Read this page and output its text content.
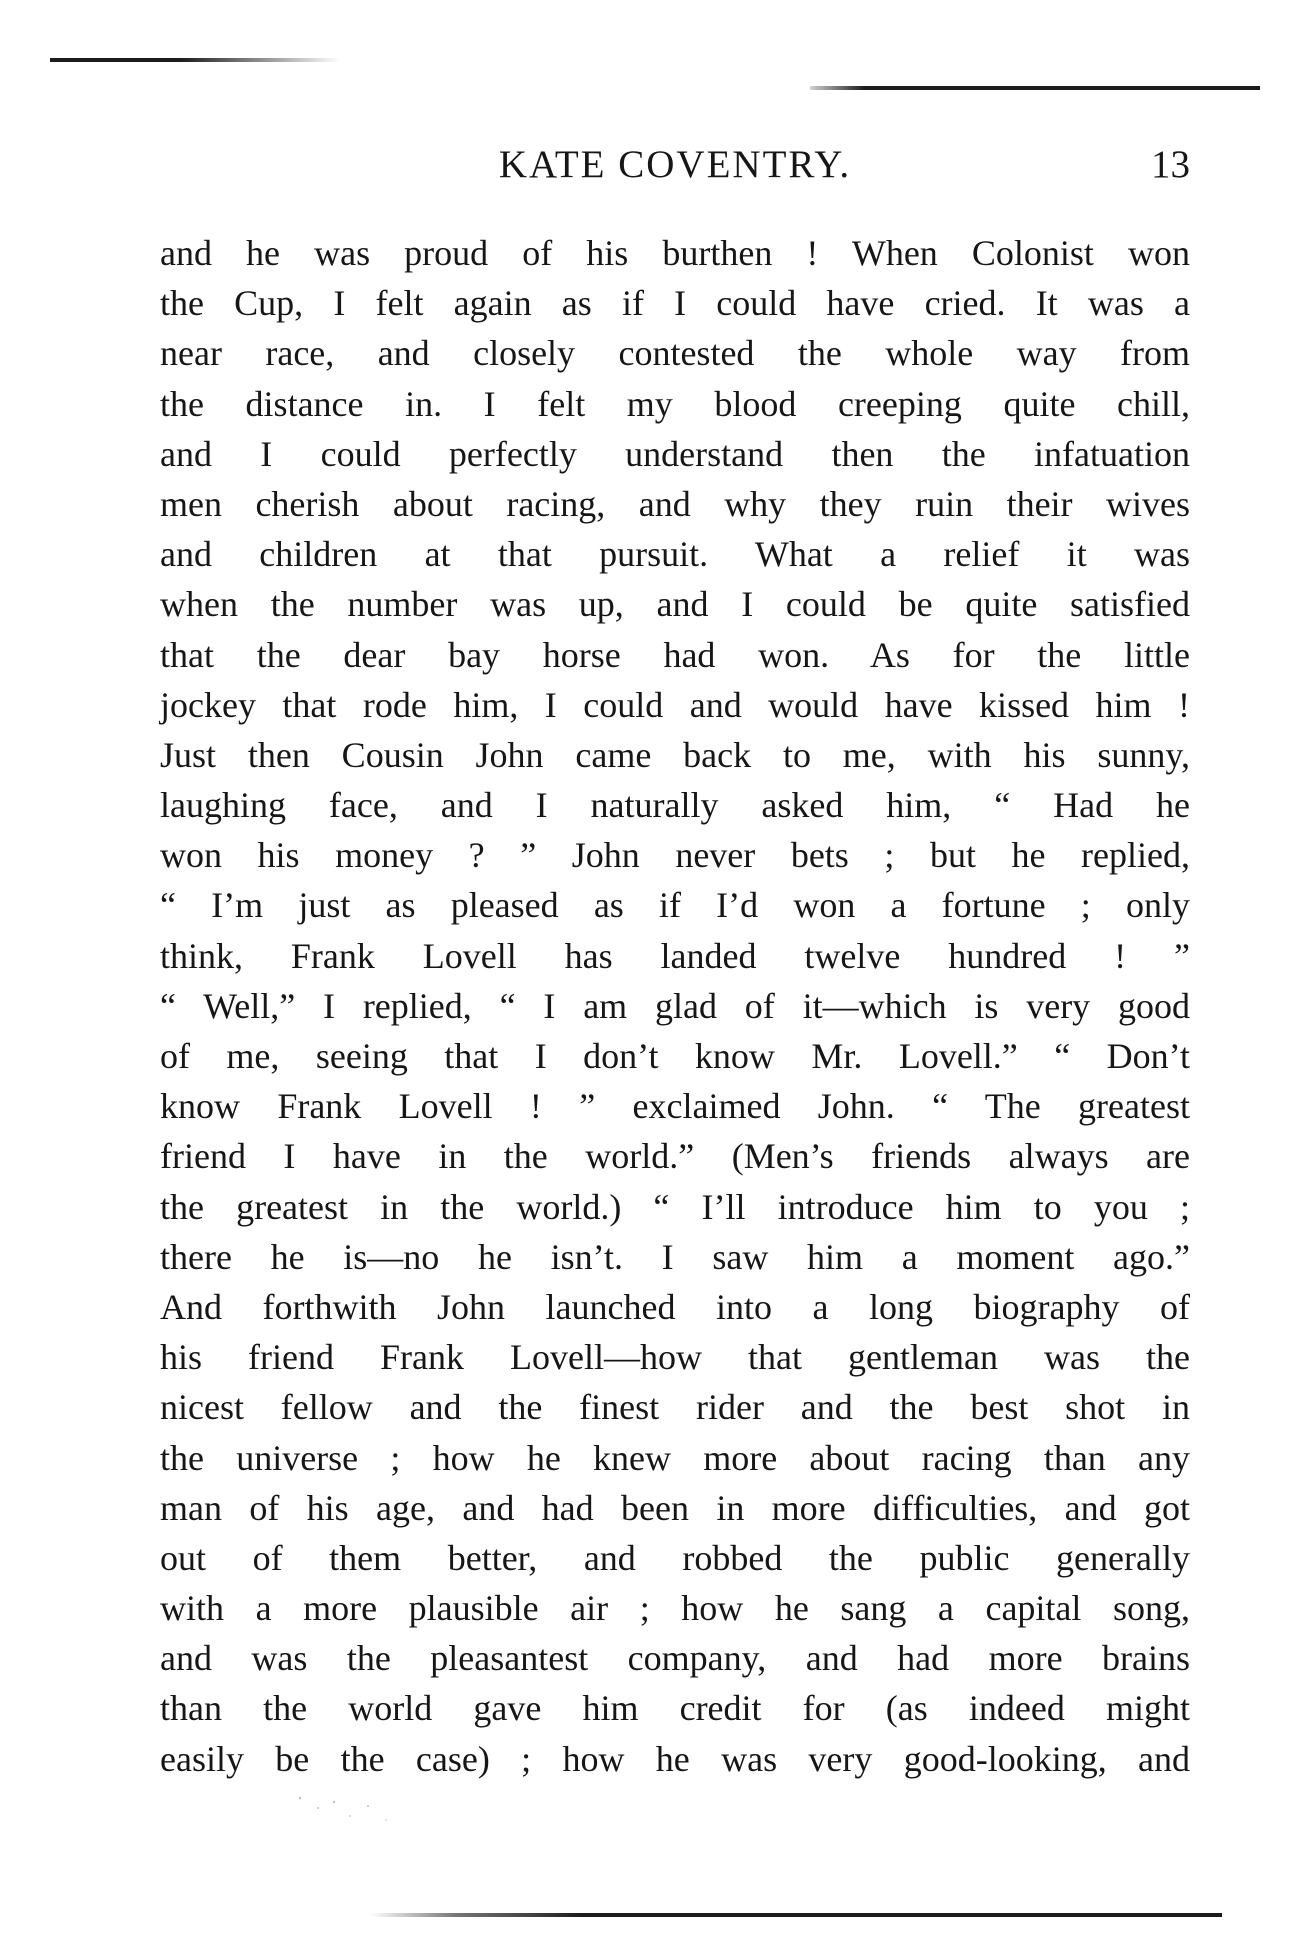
KATE COVENTRY.	13
and he was proud of his burthen ! When Colonist won
the Cup, I felt again as if I could have cried. It was a
near race, and closely contested the whole way from
the distance in. I felt my blood creeping quite chill,
and I could perfectly understand then the infatuation
men cherish about racing, and why they ruin their wives
and children at that pursuit. What a relief it was
when the number was up, and I could be quite satisfied
that the dear bay horse had won. As for the little
jockey that rode him, I could and would have kissed him !
Just then Cousin John came back to me, with his sunny,
laughing face, and I naturally asked him, “ Had he
won his money ? ” John never bets ; but he replied,
“ I’m just as pleased as if I’d won a fortune ; only
think, Frank Lovell has landed twelve hundred ! ”
“ Well,” I replied, “ I am glad of it—which is very good
of me, seeing that I don’t know Mr. Lovell.” “ Don’t
know Frank Lovell ! ” exclaimed John. “ The greatest
friend I have in the world.” (Men’s friends always are
the greatest in the world.) “ I’ll introduce him to you ;
there he is—no he isn’t. I saw him a moment ago.”
And forthwith John launched into a long biography of
his friend Frank Lovell—how that gentleman was the
nicest fellow and the finest rider and the best shot in
the universe ; how he knew more about racing than any
man of his age, and had been in more difficulties, and got
out of them better, and robbed the public generally
with a more plausible air ; how he sang a capital song,
and was the pleasantest company, and had more brains
than the world gave him credit for (as indeed might
easily be the case) ; how he was very good-looking, and
